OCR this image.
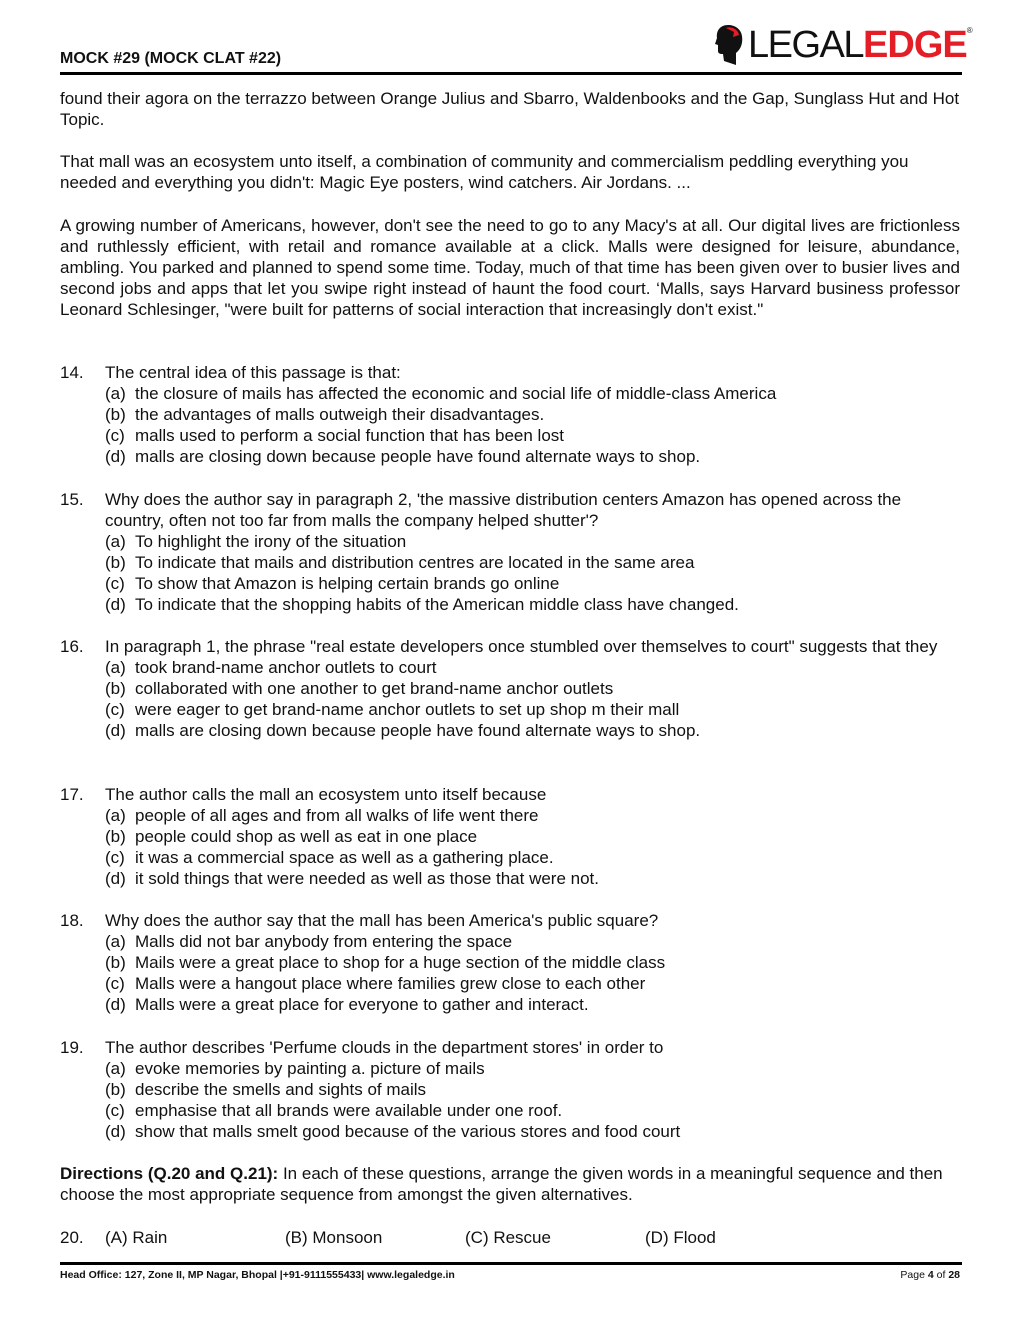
MOCK #29 (MOCK CLAT #22)	LEGAL EDGE ®
found their agora on the terrazzo between Orange Julius and Sbarro, Waldenbooks and the Gap, Sunglass Hut and Hot Topic.
That mall was an ecosystem unto itself, a combination of community and commercialism peddling everything you needed and everything you didn't: Magic Eye posters, wind catchers. Air Jordans. ...
A growing number of Americans, however, don't see the need to go to any Macy's at all. Our digital lives are frictionless and ruthlessly efficient, with retail and romance available at a click. Malls were designed for leisure, abundance, ambling. You parked and planned to spend some time. Today, much of that time has been given over to busier lives and second jobs and apps that let you swipe right instead of haunt the food court. ‘Malls, says Harvard business professor Leonard Schlesinger, "were built for patterns of social interaction that increasingly don't exist."
14. The central idea of this passage is that:
(a) the closure of mails has affected the economic and social life of middle-class America
(b) the advantages of malls outweigh their disadvantages.
(c) malls used to perform a social function that has been lost
(d) malls are closing down because people have found alternate ways to shop.
15. Why does the author say in paragraph 2, 'the massive distribution centers Amazon has opened across the country, often not too far from malls the company helped shutter'?
(a) To highlight the irony of the situation
(b) To indicate that mails and distribution centres are located in the same area
(c) To show that Amazon is helping certain brands go online
(d) To indicate that the shopping habits of the American middle class have changed.
16. In paragraph 1, the phrase "real estate developers once stumbled over themselves to court" suggests that they
(a) took brand-name anchor outlets to court
(b) collaborated with one another to get brand-name anchor outlets
(c) were eager to get brand-name anchor outlets to set up shop m their mall
(d) malls are closing down because people have found alternate ways to shop.
17. The author calls the mall an ecosystem unto itself because
(a) people of all ages and from all walks of life went there
(b) people could shop as well as eat in one place
(c) it was a commercial space as well as a gathering place.
(d) it sold things that were needed as well as those that were not.
18. Why does the author say that the mall has been America's public square?
(a) Malls did not bar anybody from entering the space
(b) Mails were a great place to shop for a huge section of the middle class
(c) Malls were a hangout place where families grew close to each other
(d) Malls were a great place for everyone to gather and interact.
19. The author describes 'Perfume clouds in the department stores' in order to
(a) evoke memories by painting a. picture of mails
(b) describe the smells and sights of mails
(c) emphasise that all brands were available under one roof.
(d) show that malls smelt good because of the various stores and food court
Directions (Q.20 and Q.21): In each of these questions, arrange the given words in a meaningful sequence and then choose the most appropriate sequence from amongst the given alternatives.
20. (A) Rain	(B) Monsoon	(C) Rescue	(D) Flood
Head Office: 127, Zone II, MP Nagar, Bhopal |+91-9111555433| www.legaledge.in	Page 4 of 28
